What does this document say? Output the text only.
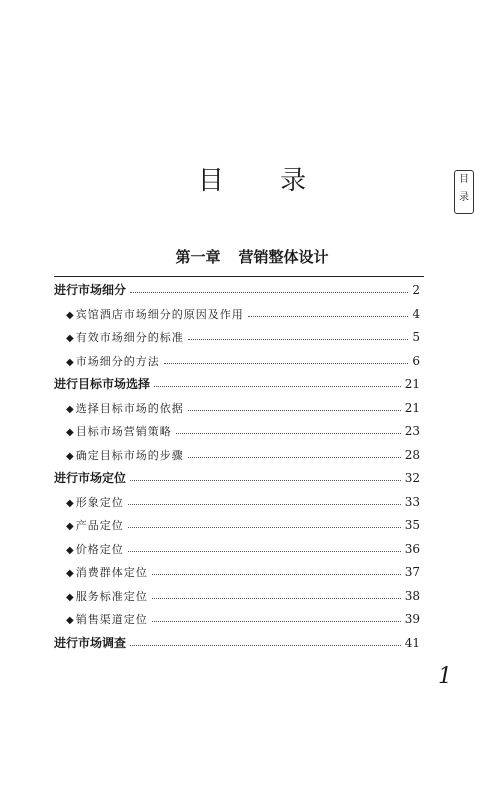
目 录	目
录
第一章 营销整体设计
进行市场细分	2
◆ 宾馆酒店市场细分的原因及作用	4
◆ 有效市场细分的标准	5
◆ 市场细分的方法	6
进行目标市场选择	21
◆ 选择目标市场的依据	21
◆ 目标市场营销策略	23
◆ 确定目标市场的步骤	28
进行市场定位	32
◆ 形象定位	33
◆ 产品定位	35
◆ 价格定位	36
◆ 消费群体定位	37
◆ 服务标准定位	38
◆ 销售渠道定位	39
进行市场调查	41
1
